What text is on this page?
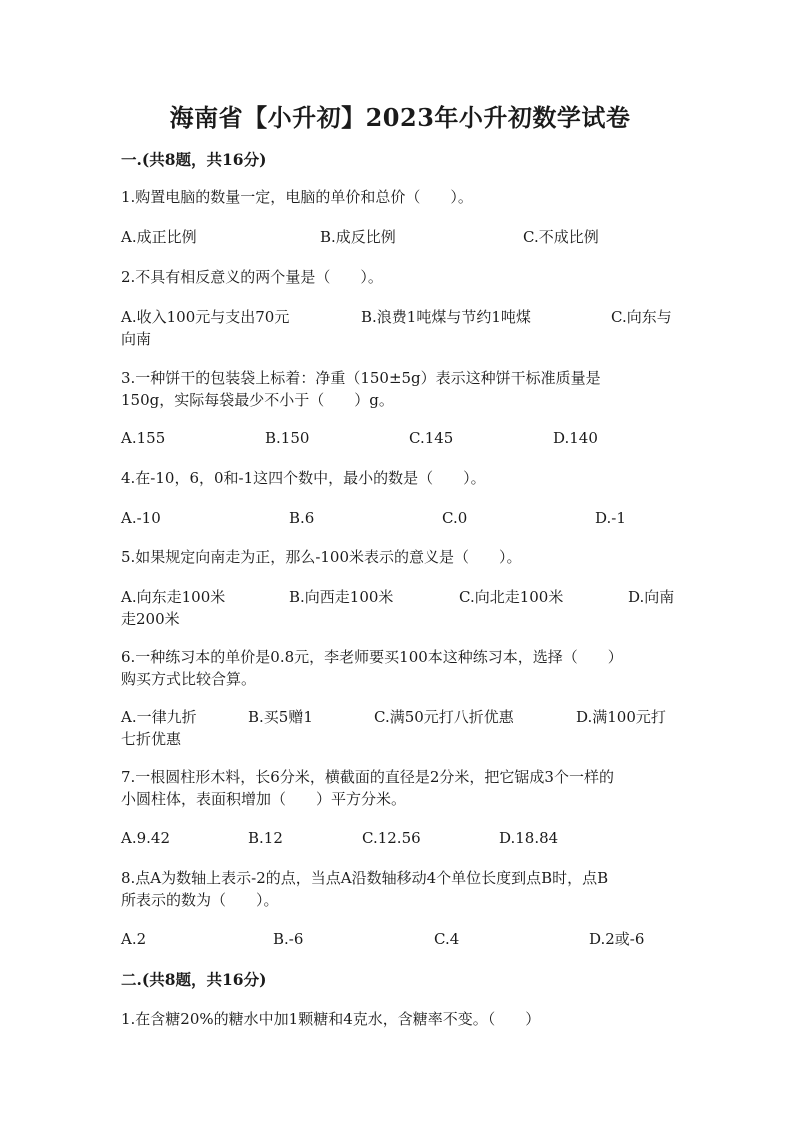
海南省【小升初】2023年小升初数学试卷
一.(共8题，共16分)
1.购置电脑的数量一定，电脑的单价和总价（　　）。
A.成正比例	B.成反比例	C.不成比例
2.不具有相反意义的两个量是（　　）。
A.收入100元与支出70元	B.浪费1吨煤与节约1吨煤	C.向东与
向南
3.一种饼干的包装袋上标着：净重（150±5g）表示这种饼干标准质量是
150g，实际每袋最少不小于（　　）g。
A.155	B.150	C.145	D.140
4.在-10，6，0和-1这四个数中，最小的数是（　　）。
A.-10	B.6	C.0	D.-1
5.如果规定向南走为正，那么-100米表示的意义是（　　）。
A.向东走100米	B.向西走100米	C.向北走100米	D.向南
走200米
6.一种练习本的单价是0.8元，李老师要买100本这种练习本，选择（　　）
购买方式比较合算。
A.一律九折	B.买5赠1	C.满50元打八折优惠	D.满100元打
七折优惠
7.一根圆柱形木料，长6分米，横截面的直径是2分米，把它锯成3个一样的
小圆柱体，表面积增加（　　）平方分米。
A.9.42	B.12	C.12.56	D.18.84
8.点A为数轴上表示-2的点，当点A沿数轴移动4个单位长度到点B时，点B
所表示的数为（　　）。
A.2	B.-6	C.4	D.2或-6
二.(共8题，共16分)
1.在含糖20%的糖水中加1颗糖和4克水，含糖率不变。（　　）
